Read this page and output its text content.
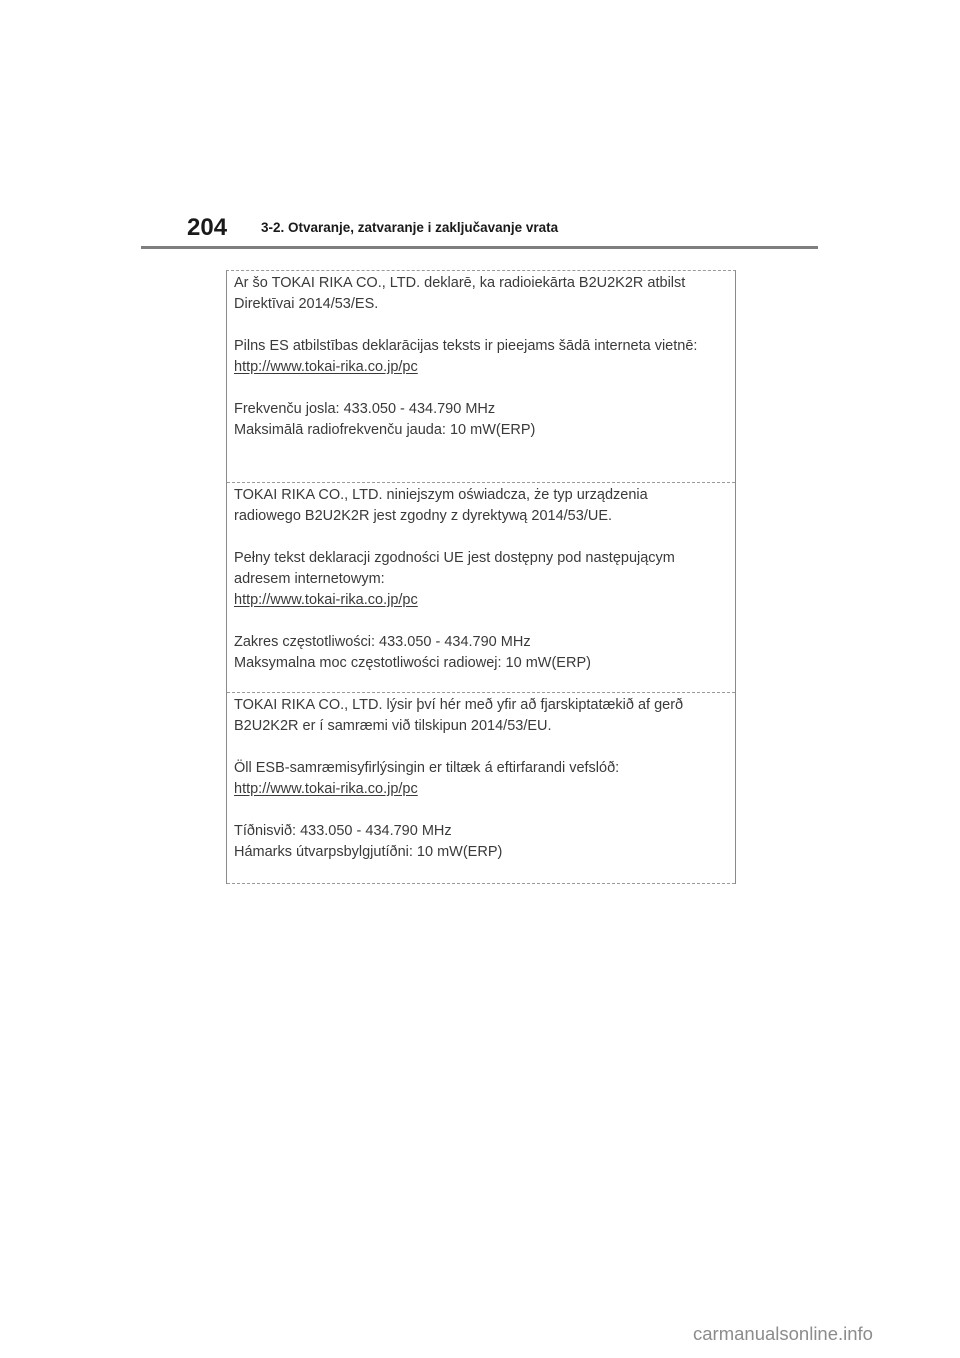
204	3-2. Otvaranje, zatvaranje i zaključavanje vrata

Ar šo TOKAI RIKA CO., LTD. deklarē, ka radioiekārta B2U2K2R atbilst
Direktīvai 2014/53/ES.

Pilns ES atbilstības deklarācijas teksts ir pieejams šādā interneta vietnē:

http://www.tokai-rika.co.jp/pc

Frekvenču josla: 433.050 - 434.790 MHz

Maksimālā radiofrekvenču jauda: 10 mW(ERP)

TOKAI RIKA CO., LTD. niniejszym oświadcza, że typ urządzenia
radiowego B2U2K2R jest zgodny z dyrektywą 2014/53/UE.

Pełny tekst deklaracji zgodności UE jest dostępny pod następującym
adresem internetowym:

http://www.tokai-rika.co.jp/pc

Zakres częstotliwości: 433.050 - 434.790 MHz

Maksymalna moc częstotliwości radiowej: 10 mW(ERP)

TOKAI RIKA CO., LTD. lýsir því hér með yfir að fjarskiptatækið af gerð
B2U2K2R er í samræmi við tilskipun 2014/53/EU.

Öll ESB-samræmisyfirlýsingin er tiltæk á eftirfarandi vefslóð:

http://www.tokai-rika.co.jp/pc

Tíðnisvið: 433.050 - 434.790 MHz

Hámarks útvarpsbylgjutíðni: 10 mW(ERP)

carmanualsonline.info
